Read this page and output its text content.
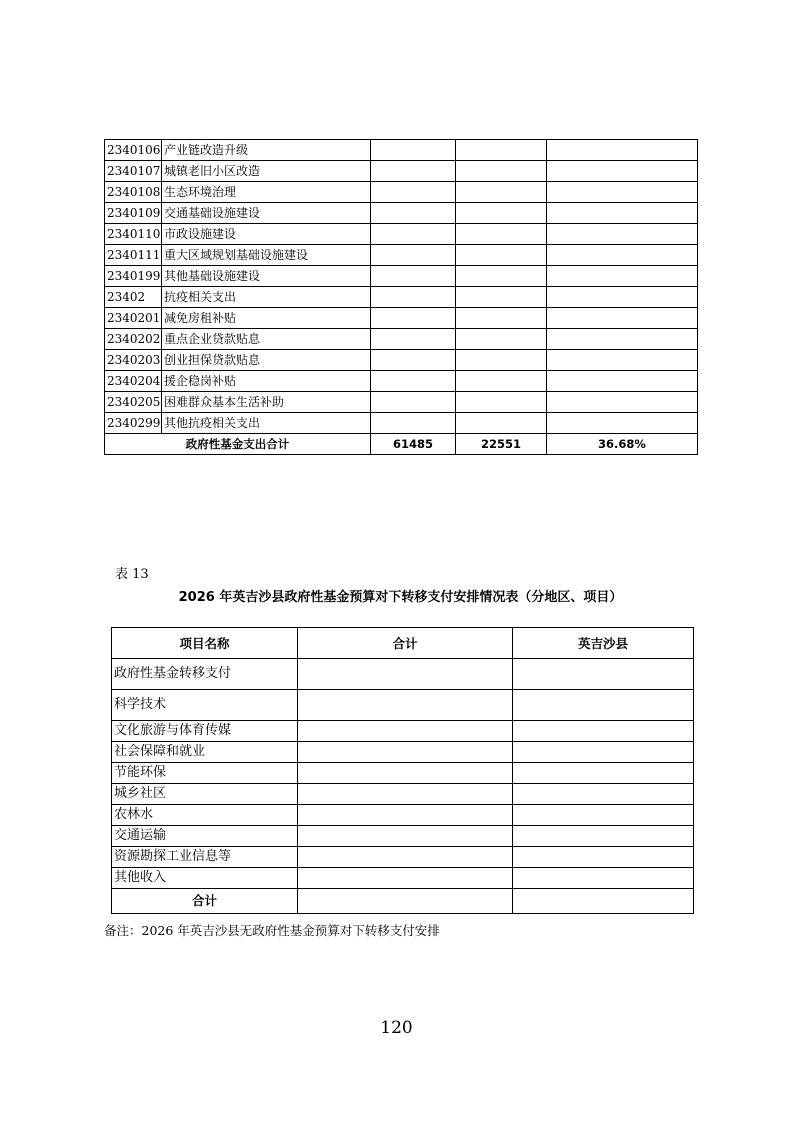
2340106	产业链改造升级			
2340107	城镇老旧小区改造			
2340108	生态环境治理			
2340109	交通基础设施建设			
2340110	市政设施建设			
2340111	重大区域规划基础设施建设			
2340199	其他基础设施建设			
23402	抗疫相关支出			
2340201	减免房租补贴			
2340202	重点企业贷款贴息			
2340203	创业担保贷款贴息			
2340204	援企稳岗补贴			
2340205	困难群众基本生活补助			
2340299	其他抗疫相关支出			
政府性基金支出合计		61485	22551	36.68%
表 13
2026 年英吉沙县政府性基金预算对下转移支付安排情况表（分地区、项目）
项目名称	合计	英吉沙县
政府性基金转移支付		
科学技术		
文化旅游与体育传媒		
社会保障和就业		
节能环保		
城乡社区		
农林水		
交通运输		
资源勘探工业信息等		
其他收入		
合计		
备注：2026 年英吉沙县无政府性基金预算对下转移支付安排
120
